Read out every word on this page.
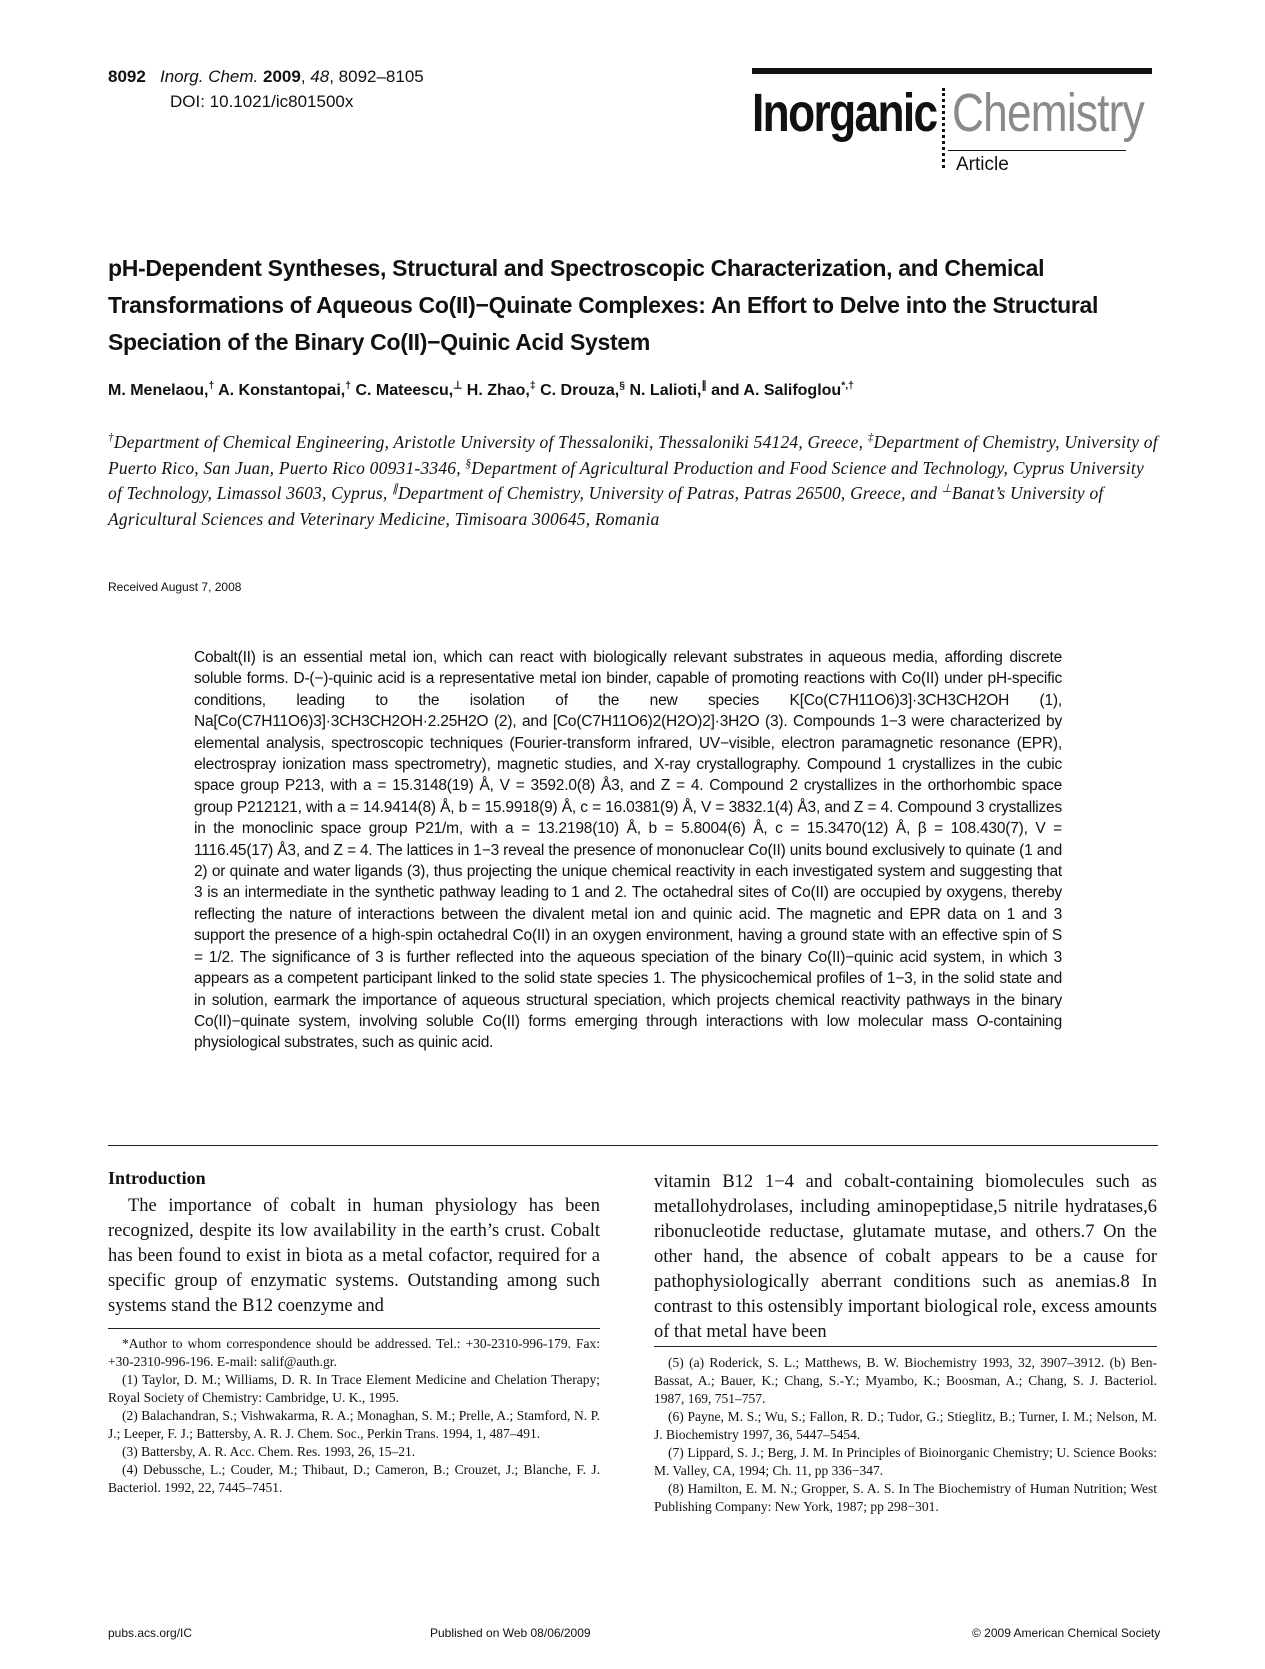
8092 Inorg. Chem. 2009, 48, 8092–8105
DOI: 10.1021/ic801500x	Inorganic Chemistry
Article
pH-Dependent Syntheses, Structural and Spectroscopic Characterization, and Chemical Transformations of Aqueous Co(II)−Quinate Complexes: An Effort to Delve into the Structural Speciation of the Binary Co(II)−Quinic Acid System
M. Menelaou,† A. Konstantopai,† C. Mateescu,⊥ H. Zhao,‡ C. Drouza,§ N. Lalioti,∥ and A. Salifoglou*,†
†Department of Chemical Engineering, Aristotle University of Thessaloniki, Thessaloniki 54124, Greece, ‡Department of Chemistry, University of Puerto Rico, San Juan, Puerto Rico 00931-3346, §Department of Agricultural Production and Food Science and Technology, Cyprus University of Technology, Limassol 3603, Cyprus, ∥Department of Chemistry, University of Patras, Patras 26500, Greece, and ⊥Banat’s University of Agricultural Sciences and Veterinary Medicine, Timisoara 300645, Romania
Received August 7, 2008
Cobalt(II) is an essential metal ion, which can react with biologically relevant substrates in aqueous media, affording discrete soluble forms. D-(−)-quinic acid is a representative metal ion binder, capable of promoting reactions with Co(II) under pH-specific conditions, leading to the isolation of the new species K[Co(C7H11O6)3]·3CH3CH2OH (1), Na[Co(C7H11O6)3]·3CH3CH2OH·2.25H2O (2), and [Co(C7H11O6)2(H2O)2]·3H2O (3). Compounds 1−3 were characterized by elemental analysis, spectroscopic techniques (Fourier-transform infrared, UV−visible, electron paramagnetic resonance (EPR), electrospray ionization mass spectrometry), magnetic studies, and X-ray crystallography. Compound 1 crystallizes in the cubic space group P213, with a = 15.3148(19) Å, V = 3592.0(8) Å3, and Z = 4. Compound 2 crystallizes in the orthorhombic space group P212121, with a = 14.9414(8) Å, b = 15.9918(9) Å, c = 16.0381(9) Å, V = 3832.1(4) Å3, and Z = 4. Compound 3 crystallizes in the monoclinic space group P21/m, with a = 13.2198(10) Å, b = 5.8004(6) Å, c = 15.3470(12) Å, β = 108.430(7), V = 1116.45(17) Å3, and Z = 4. The lattices in 1−3 reveal the presence of mononuclear Co(II) units bound exclusively to quinate (1 and 2) or quinate and water ligands (3), thus projecting the unique chemical reactivity in each investigated system and suggesting that 3 is an intermediate in the synthetic pathway leading to 1 and 2. The octahedral sites of Co(II) are occupied by oxygens, thereby reflecting the nature of interactions between the divalent metal ion and quinic acid. The magnetic and EPR data on 1 and 3 support the presence of a high-spin octahedral Co(II) in an oxygen environment, having a ground state with an effective spin of S = 1/2. The significance of 3 is further reflected into the aqueous speciation of the binary Co(II)−quinic acid system, in which 3 appears as a competent participant linked to the solid state species 1. The physicochemical profiles of 1−3, in the solid state and in solution, earmark the importance of aqueous structural speciation, which projects chemical reactivity pathways in the binary Co(II)−quinate system, involving soluble Co(II) forms emerging through interactions with low molecular mass O-containing physiological substrates, such as quinic acid.
Introduction

The importance of cobalt in human physiology has been recognized, despite its low availability in the earth’s crust. Cobalt has been found to exist in biota as a metal cofactor, required for a specific group of enzymatic systems. Outstanding among such systems stand the B12 coenzyme and

vitamin B12 1−4 and cobalt-containing biomolecules such as metallohydrolases, including aminopeptidase,5 nitrile hydratases,6 ribonucleotide reductase, glutamate mutase, and others.7 On the other hand, the absence of cobalt appears to be a cause for pathophysiologically aberrant conditions such as anemias.8 In contrast to this ostensibly important biological role, excess amounts of that metal have been

*Author to whom correspondence should be addressed. Tel.: +30-2310-996-179. Fax: +30-2310-996-196. E-mail: salif@auth.gr.

(1) Taylor, D. M.; Williams, D. R. In Trace Element Medicine and Chelation Therapy; Royal Society of Chemistry: Cambridge, U. K., 1995.

(2) Balachandran, S.; Vishwakarma, R. A.; Monaghan, S. M.; Prelle, A.; Stamford, N. P. J.; Leeper, F. J.; Battersby, A. R. J. Chem. Soc., Perkin Trans. 1994, 1, 487–491.

(3) Battersby, A. R. Acc. Chem. Res. 1993, 26, 15–21.

(4) Debussche, L.; Couder, M.; Thibaut, D.; Cameron, B.; Crouzet, J.; Blanche, F. J. Bacteriol. 1992, 22, 7445–7451.

(5) (a) Roderick, S. L.; Matthews, B. W. Biochemistry 1993, 32, 3907–3912. (b) Ben-Bassat, A.; Bauer, K.; Chang, S.-Y.; Myambo, K.; Boosman, A.; Chang, S. J. Bacteriol. 1987, 169, 751–757.

(6) Payne, M. S.; Wu, S.; Fallon, R. D.; Tudor, G.; Stieglitz, B.; Turner, I. M.; Nelson, M. J. Biochemistry 1997, 36, 5447–5454.

(7) Lippard, S. J.; Berg, J. M. In Principles of Bioinorganic Chemistry; U. Science Books: M. Valley, CA, 1994; Ch. 11, pp 336−347.

(8) Hamilton, E. M. N.; Gropper, S. A. S. In The Biochemistry of Human Nutrition; West Publishing Company: New York, 1987; pp 298−301.

pubs.acs.org/IC	Published on Web 08/06/2009	© 2009 American Chemical Society
